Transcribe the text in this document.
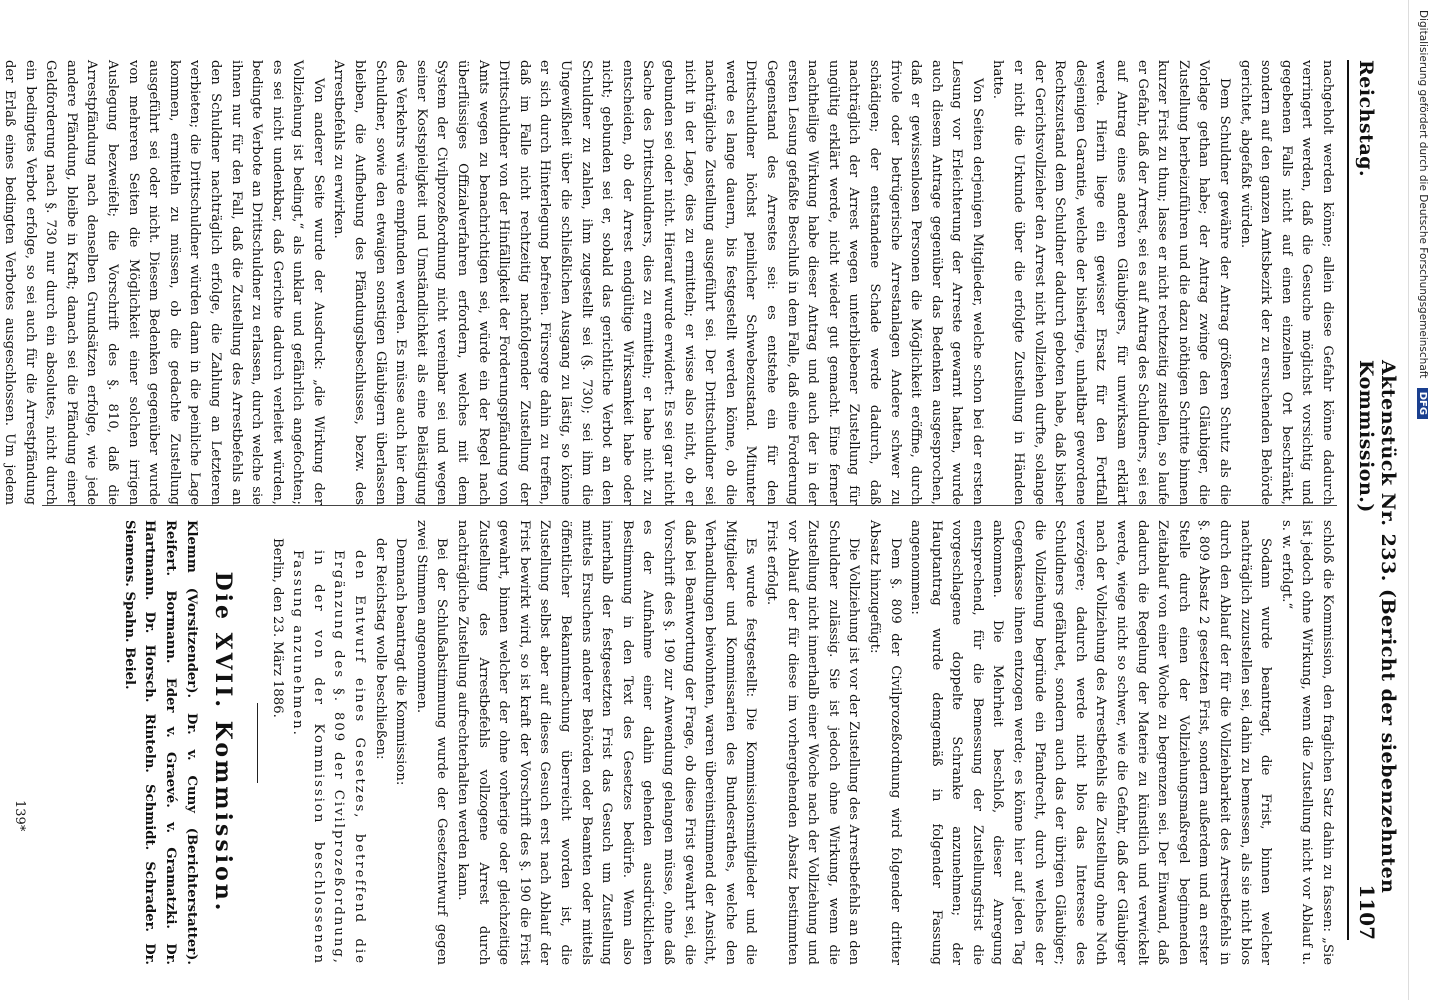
Reichstag.
Aktenstück Nr. 233. (Bericht der siebenzehnten Kommission.)
1107

nachgeholt werden könne; allein diese Gefahr könne dadurch verringert werden, daß die Gesuche möglichst vorsichtig und gegebenen Falls nicht auf einen einzelnen Ort beschränkt, sondern auf den ganzen Amtsbezirk der zu ersuchenden Behörde gerichtet, abgefaßt würden.

Dem Schuldner gewähre der Antrag größeren Schutz als die Vorlage gethan habe; der Antrag zwinge den Gläubiger, die Zustellung herbeizuführen und die dazu nöthigen Schritte binnen kurzer Frist zu thun; lasse er nicht rechtzeitig zustellen, so laufe er Gefahr, daß der Arrest, sei es auf Antrag des Schuldners, sei es auf Antrag eines anderen Gläubigers, für unwirksam erklärt werde. Hierin liege ein gewisser Ersatz für den Fortfall desjenigen Garantie, welche der bisherige, unhaltbar gewordene Rechtszustand dem Schuldner dadurch geboten habe, daß bisher der Gerichtsvollzieher den Arrest nicht vollziehen durfte, solange er nicht die Urkunde über die erfolgte Zustellung in Händen hatte.

Von Seiten derjenigen Mitglieder, welche schon bei der ersten Lesung vor Erleichterung der Arreste gewarnt hatten, wurde auch diesem Antrage gegenüber das Bedenken ausgesprochen, daß er gewissenlosen Personen die Möglichkeit eröffne, durch frivole oder betrügerische Arrestanlagen Andere schwer zu schädigen; der entstandene Schade werde dadurch, daß nachträglich der Arrest wegen unterbliebener Zustellung für ungültig erklärt werde, nicht wieder gut gemacht. Eine ferner nachtheilige Wirkung habe dieser Antrag und auch der in der ersten Lesung gefaßte Beschluß in dem Falle, daß eine Forderung Gegenstand des Arrestes sei: es entstehe ein für den Drittschuldner höchst peinlicher Schwebezustand. Mitunter werde es lange dauern, bis festgestellt werden könne, ob die nachträgliche Zustellung ausgeführt sei. Der Drittschuldner sei nicht in der Lage, dies zu ermitteln; er wisse also nicht, ob er gebunden sei oder nicht. Hierauf wurde erwidert: Es sei gar nicht Sache des Drittschuldners, dies zu ermitteln; er habe nicht zu entscheiden, ob der Arrest endgültige Wirksamkeit habe oder nicht; gebunden sei er, sobald das gerichtliche Verbot an den Schuldner zu zahlen, ihm zugestellt sei (§. 730); sei ihm die Ungewißheit über die schließlichen Ausgang zu lästig, so könne er sich durch Hinterlegung befreien. Fürsorge dahin zu treffen, daß im Falle nicht rechtzeitig nachfolgender Zustellung der Drittschuldner von der Hinfälligkeit der Forderungspfändung von Amts wegen zu benachrichtigen sei, würde ein der Regel nach überflüssiges Offizialverfahren erfordern, welches mit dem System der Civilprozeßordnung nicht vereinbar sei und wegen seiner Kostspieligkeit und Umständlichkeit als eine Belästigung des Verkehrs würde empfunden werden. Es müsse auch hier dem Schuldner, sowie den etwaigen sonstigen Gläubigern überlassen bleiben, die Aufhebung des Pfändungsbeschlusses, bezw. des Arrestbefehls zu erwirken.

Von anderer Seite wurde der Ausdruck: „die Wirkung der Vollziehung ist bedingt,“ als unklar und gefährlich angefochten; es sei nicht undenkbar, daß Gerichte dadurch verleitet würden, bedingte Verbote an Drittschuldner zu erlassen, durch welche sie ihnen nur für den Fall, daß die Zustellung des Arrestbefehls an den Schuldner nachträglich erfolge, die Zahlung an Letzteren verbieten; die Drittschuldner würden dann in die peinliche Lage kommen, ermitteln zu müssen, ob die gedachte Zustellung ausgeführt sei oder nicht. Diesem Bedenken gegenüber wurde von mehreren Seiten die Möglichkeit einer solchen irrigen Auslegung bezweifelt; die Vorschrift des §. 810, daß die Arrestpfändung nach denselben Grundsätzen erfolge, wie jede andere Pfändung, bleibe in Kraft; danach sei die Pfändung einer Geldforderung nach §. 730 nur durch ein absolutes, nicht durch ein bedingtes Verbot erfolge, so sei auch für die Arrestpfändung der Erlaß eines bedingten Verbotes ausgeschlossen. Um jedem

schloß die Kommission, den fraglichen Satz dahin zu fassen: „Sie ist jedoch ohne Wirkung, wenn die Zustellung nicht vor Ablauf u. s. w. erfolgt.“

Sodann wurde beantragt, die Frist, binnen welcher nachträglich zuzustellen sei, dahin zu bemessen, als sie nicht blos durch den Ablauf der für die Vollziehbarkeit des Arrestbefehls in §. 809 Absatz 2 gesetzten Frist, sondern außerdem und an erster Stelle durch einen der Vollziehungsmaßregel beginnenden Zeitablauf von einer Woche zu begrenzen sei. Der Einwand, daß dadurch die Regelung der Materie zu künstlich und verwickelt werde, wiege nicht so schwer, wie die Gefahr, daß der Gläubiger nach der Vollziehung des Arrestbefehls die Zustellung ohne Noth verzögere; dadurch werde nicht blos das Interesse des Schuldners gefährdet, sondern auch das der übrigen Gläubiger; die Vollziehung begründe ein Pfandrecht, durch welches der Gegenkasse ihnen entzogen werde; es könne hier auf jeden Tag ankommen. Die Mehrheit beschloß, dieser Anregung entsprechend, für die Bemessung der Zustellungsfrist die vorgeschlagene doppelte Schranke anzunehmen; der Hauptantrag wurde demgemäß in folgender Fassung angenommen:

Dem §. 809 der Civilprozeßordnung wird folgender dritter Absatz hinzugefügt:

Die Vollziehung ist vor der Zustellung des Arrestbefehls an den Schuldner zulässig. Sie ist jedoch ohne Wirkung, wenn die Zustellung nicht innerhalb einer Woche nach der Vollziehung und vor Ablauf der für diese im vorhergehenden Absatz bestimmten Frist erfolgt.

Es wurde festgestellt: Die Kommissionsmitglieder und die Mitglieder und Kommissarien des Bundesrathes, welche den Verhandlungen beiwohnten, waren übereinstimmend der Ansicht, daß bei Beantwortung der Frage, ob diese Frist gewahrt sei, die Vorschrift des §. 190 zur Anwendung gelangen müsse, ohne daß es der Aufnahme einer dahin gehenden ausdrücklichen Bestimmung in den Text des Gesetzes bedürfe. Wenn also innerhalb der festgesetzten Frist das Gesuch um Zustellung mittels Ersuchens anderer Behörden oder Beamten oder mittels öffentlicher Bekanntmachung überreicht worden ist, die Zustellung selbst aber auf dieses Gesuch erst nach Ablauf der Frist bewirkt wird, so ist kraft der Vorschrift des §. 190 die Frist gewahrt, binnen welcher der ohne vorherige oder gleichzeitige Zustellung des Arrestbefehls vollzogene Arrest durch nachträgliche Zustellung aufrechterhalten werden kann.

Bei der Schlußabstimmung wurde der Gesetzentwurf gegen zwei Stimmen angenommen.

Demnach beantragt die Kommission:

der Reichstag wolle beschließen:

den Entwurf eines Gesetzes, betreffend die Ergänzung des §. 809 der Civilprozeßordnung, in der von der Kommission beschlossenen Fassung anzunehmen.

Berlin, den 23. März 1886.

Die XVII. Kommission.

Klemm (Vorsitzender). Dr. v. Cuny (Berichterstatter). Reifert. Bormann. Eder v. Graevé. v. Gramatzki. Dr. Hartmann. Dr. Horsch. Rinteln. Schmidt. Schrader. Dr. Siemens. Spahn. Beiel.

139*
Digitalisierung gefördert durch die Deutsche Forschungsgemeinschaft DFG
